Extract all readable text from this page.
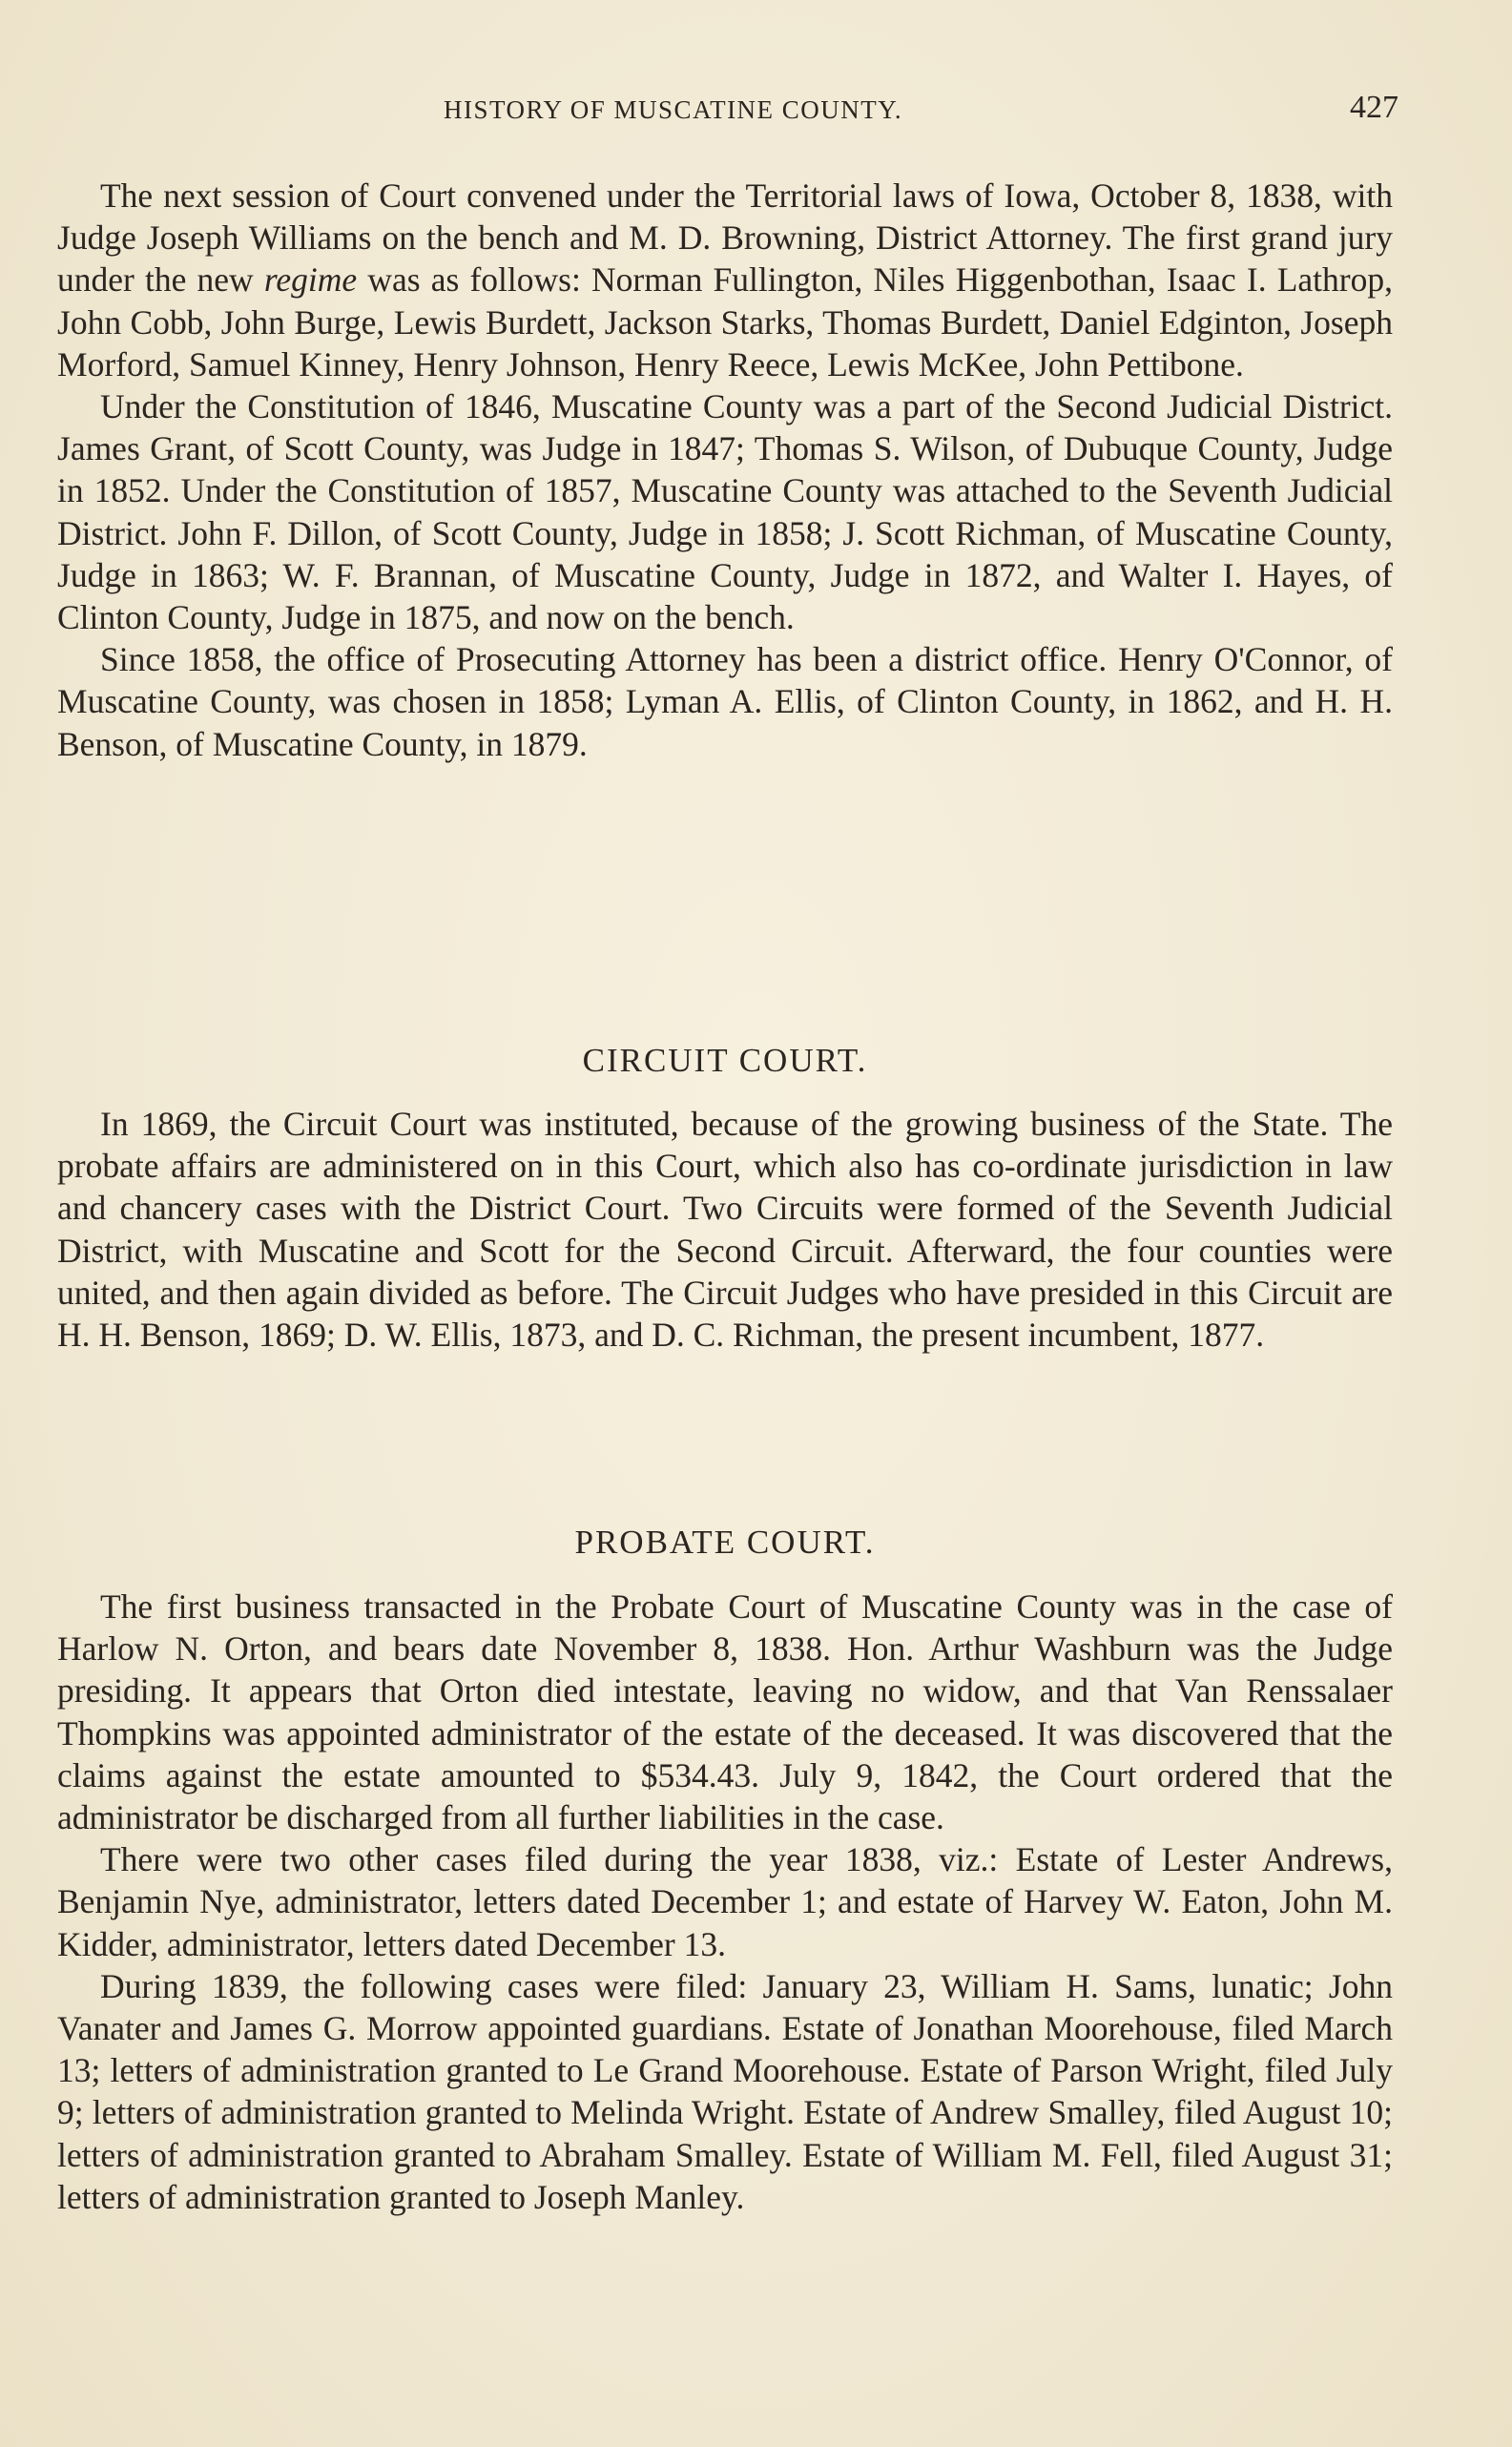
HISTORY OF MUSCATINE COUNTY.	427

The next session of Court convened under the Territorial laws of Iowa, October 8, 1838, with Judge Joseph Williams on the bench and M. D. Browning, District Attorney. The first grand jury under the new regime was as follows: Norman Fullington, Niles Higgenbothan, Isaac I. Lathrop, John Cobb, John Burge, Lewis Burdett, Jackson Starks, Thomas Burdett, Daniel Edginton, Joseph Morford, Samuel Kinney, Henry Johnson, Henry Reece, Lewis McKee, John Pettibone.

Under the Constitution of 1846, Muscatine County was a part of the Second Judicial District. James Grant, of Scott County, was Judge in 1847; Thomas S. Wilson, of Dubuque County, Judge in 1852. Under the Constitution of 1857, Muscatine County was attached to the Seventh Judicial District. John F. Dillon, of Scott County, Judge in 1858; J. Scott Richman, of Muscatine County, Judge in 1863; W. F. Brannan, of Muscatine County, Judge in 1872, and Walter I. Hayes, of Clinton County, Judge in 1875, and now on the bench.

Since 1858, the office of Prosecuting Attorney has been a district office. Henry O'Connor, of Muscatine County, was chosen in 1858; Lyman A. Ellis, of Clinton County, in 1862, and H. H. Benson, of Muscatine County, in 1879.

CIRCUIT COURT.

In 1869, the Circuit Court was instituted, because of the growing business of the State. The probate affairs are administered on in this Court, which also has co-ordinate jurisdiction in law and chancery cases with the District Court. Two Circuits were formed of the Seventh Judicial District, with Muscatine and Scott for the Second Circuit. Afterward, the four counties were united, and then again divided as before. The Circuit Judges who have presided in this Circuit are H. H. Benson, 1869; D. W. Ellis, 1873, and D. C. Richman, the present incumbent, 1877.

PROBATE COURT.

The first business transacted in the Probate Court of Muscatine County was in the case of Harlow N. Orton, and bears date November 8, 1838. Hon. Arthur Washburn was the Judge presiding. It appears that Orton died intestate, leaving no widow, and that Van Renssalaer Thompkins was appointed administrator of the estate of the deceased. It was discovered that the claims against the estate amounted to $534.43. July 9, 1842, the Court ordered that the administrator be discharged from all further liabilities in the case.

There were two other cases filed during the year 1838, viz.: Estate of Lester Andrews, Benjamin Nye, administrator, letters dated December 1; and estate of Harvey W. Eaton, John M. Kidder, administrator, letters dated December 13.

During 1839, the following cases were filed: January 23, William H. Sams, lunatic; John Vanater and James G. Morrow appointed guardians. Estate of Jonathan Moorehouse, filed March 13; letters of administration granted to Le Grand Moorehouse. Estate of Parson Wright, filed July 9; letters of administration granted to Melinda Wright. Estate of Andrew Smalley, filed August 10; letters of administration granted to Abraham Smalley. Estate of William M. Fell, filed August 31; letters of administration granted to Joseph Manley.
